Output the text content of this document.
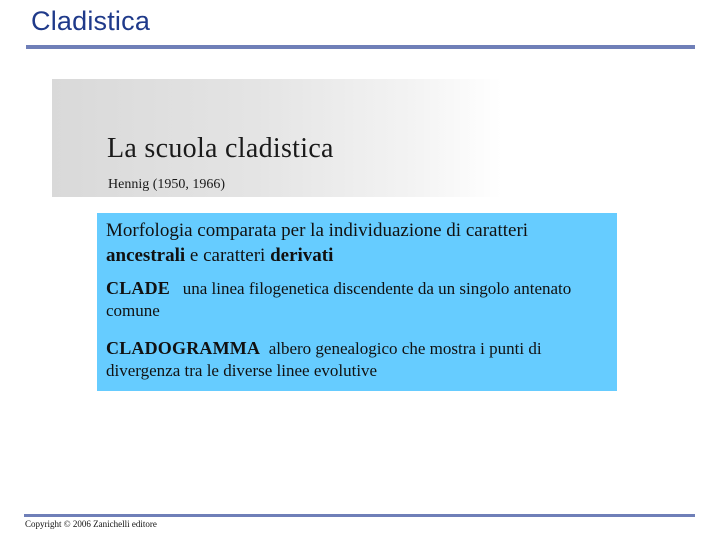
Cladistica
La scuola cladistica
Hennig (1950, 1966)

Morfologia comparata per la individuazione di caratteri ancestrali e caratteri derivati

CLADE una linea filogenetica discendente da un singolo antenato comune

CLADOGRAMMA albero genealogico che mostra i punti di divergenza tra le diverse linee evolutive

Copyright © 2006 Zanichelli editore
